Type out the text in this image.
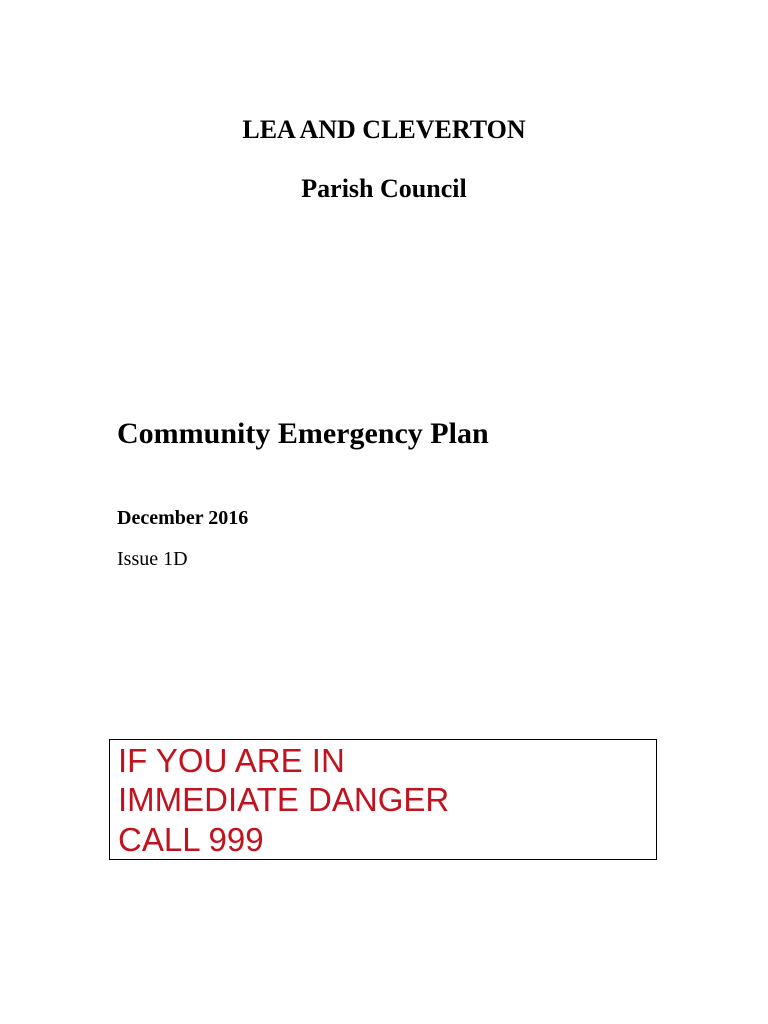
LEA AND CLEVERTON
Parish Council
Community Emergency Plan
December 2016
Issue 1D
IF YOU ARE IN
IMMEDIATE DANGER
CALL 999
